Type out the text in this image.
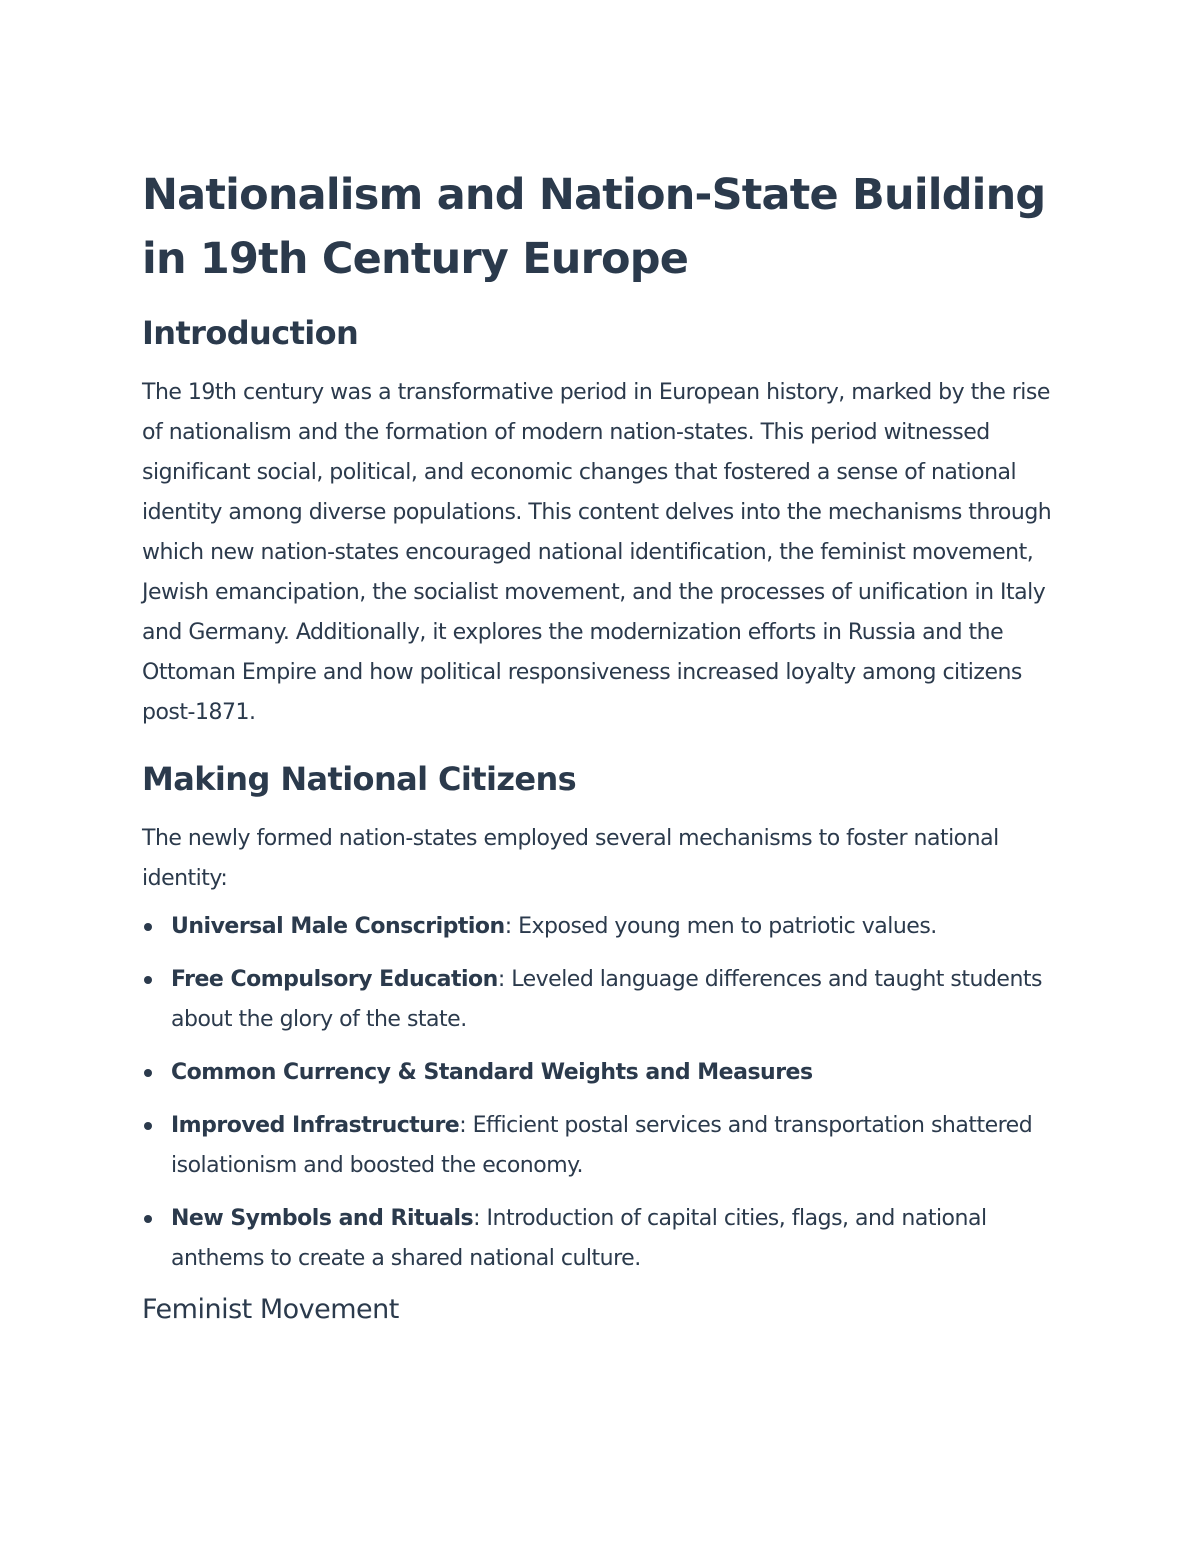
Nationalism and Nation-State Building in 19th Century Europe
Introduction

The 19th century was a transformative period in European history, marked by the rise of nationalism and the formation of modern nation-states. This period witnessed significant social, political, and economic changes that fostered a sense of national identity among diverse populations. This content delves into the mechanisms through which new nation-states encouraged national identification, the feminist movement, Jewish emancipation, the socialist movement, and the processes of unification in Italy and Germany. Additionally, it explores the modernization efforts in Russia and the Ottoman Empire and how political responsiveness increased loyalty among citizens post-1871.

Making National Citizens

The newly formed nation-states employed several mechanisms to foster national identity:

Universal Male Conscription: Exposed young men to patriotic values.
Free Compulsory Education: Leveled language differences and taught students about the glory of the state.
Common Currency & Standard Weights and Measures
Improved Infrastructure: Efficient postal services and transportation shattered isolationism and boosted the economy.
New Symbols and Rituals: Introduction of capital cities, flags, and national anthems to create a shared national culture.
Feminist Movement
